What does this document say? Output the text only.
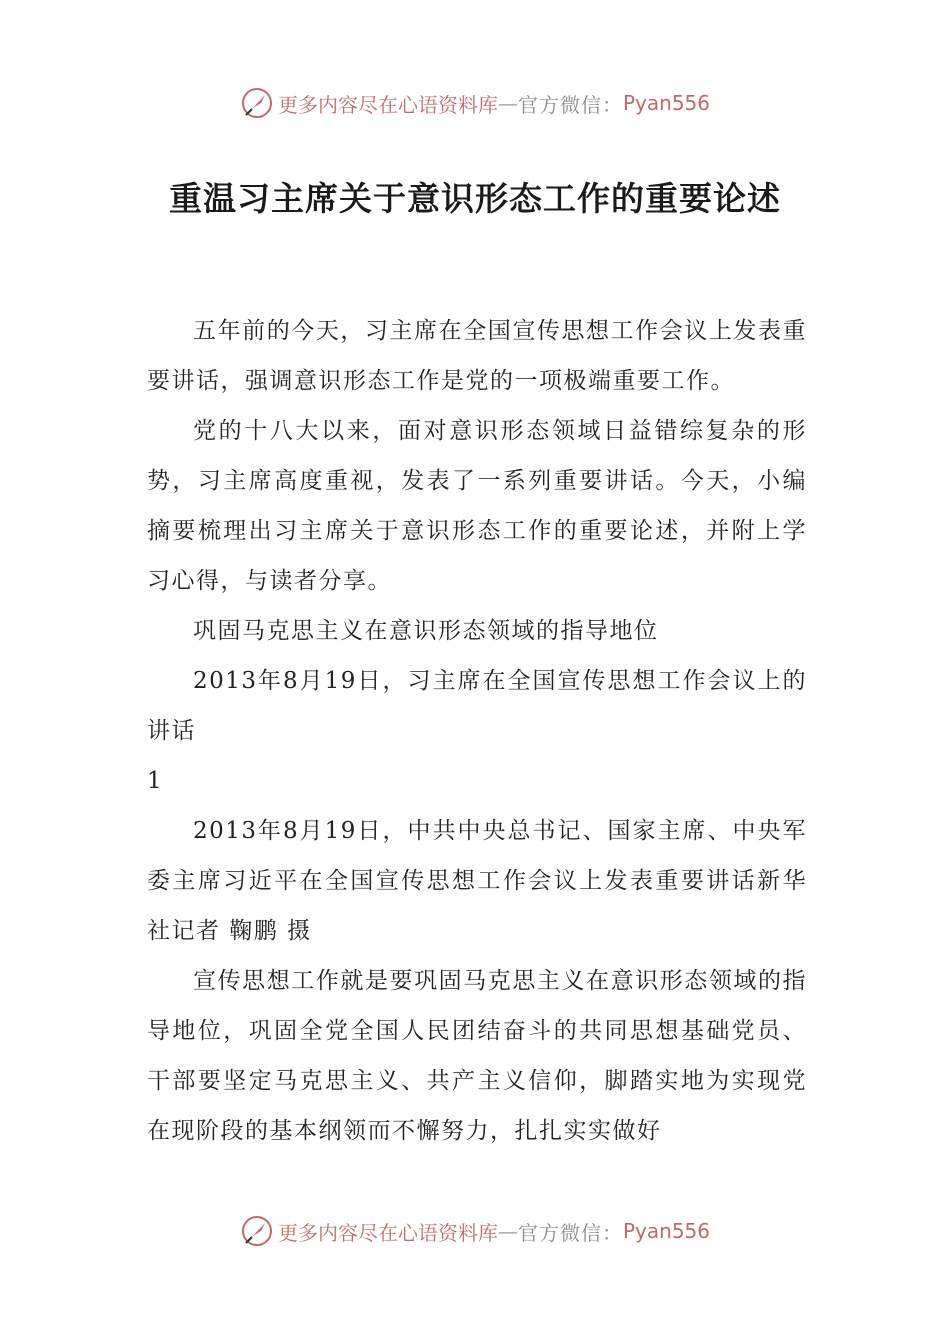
更多内容尽在心语资料库 — 官方微信： Pyan556
重温习主席关于意识形态工作的重要论述

五年前的今天，习主席在全国宣传思想工作会议上发表重要讲话，强调意识形态工作是党的一项极端重要工作。

党的十八大以来，面对意识形态领域日益错综复杂的形势，习主席高度重视，发表了一系列重要讲话。今天，小编摘要梳理出习主席关于意识形态工作的重要论述，并附上学习心得，与读者分享。

巩固马克思主义在意识形态领域的指导地位

2013年8月19日，习主席在全国宣传思想工作会议上的讲话

1

2013年8月19日，中共中央总书记、国家主席、中央军委主席习近平在全国宣传思想工作会议上发表重要讲话新华社记者 鞠鹏 摄

宣传思想工作就是要巩固马克思主义在意识形态领域的指导地位，巩固全党全国人民团结奋斗的共同思想基础党员、干部要坚定马克思主义、共产主义信仰，脚踏实地为实现党在现阶段的基本纲领而不懈努力，扎扎实实做好

更多内容尽在心语资料库 — 官方微信： Pyan556
